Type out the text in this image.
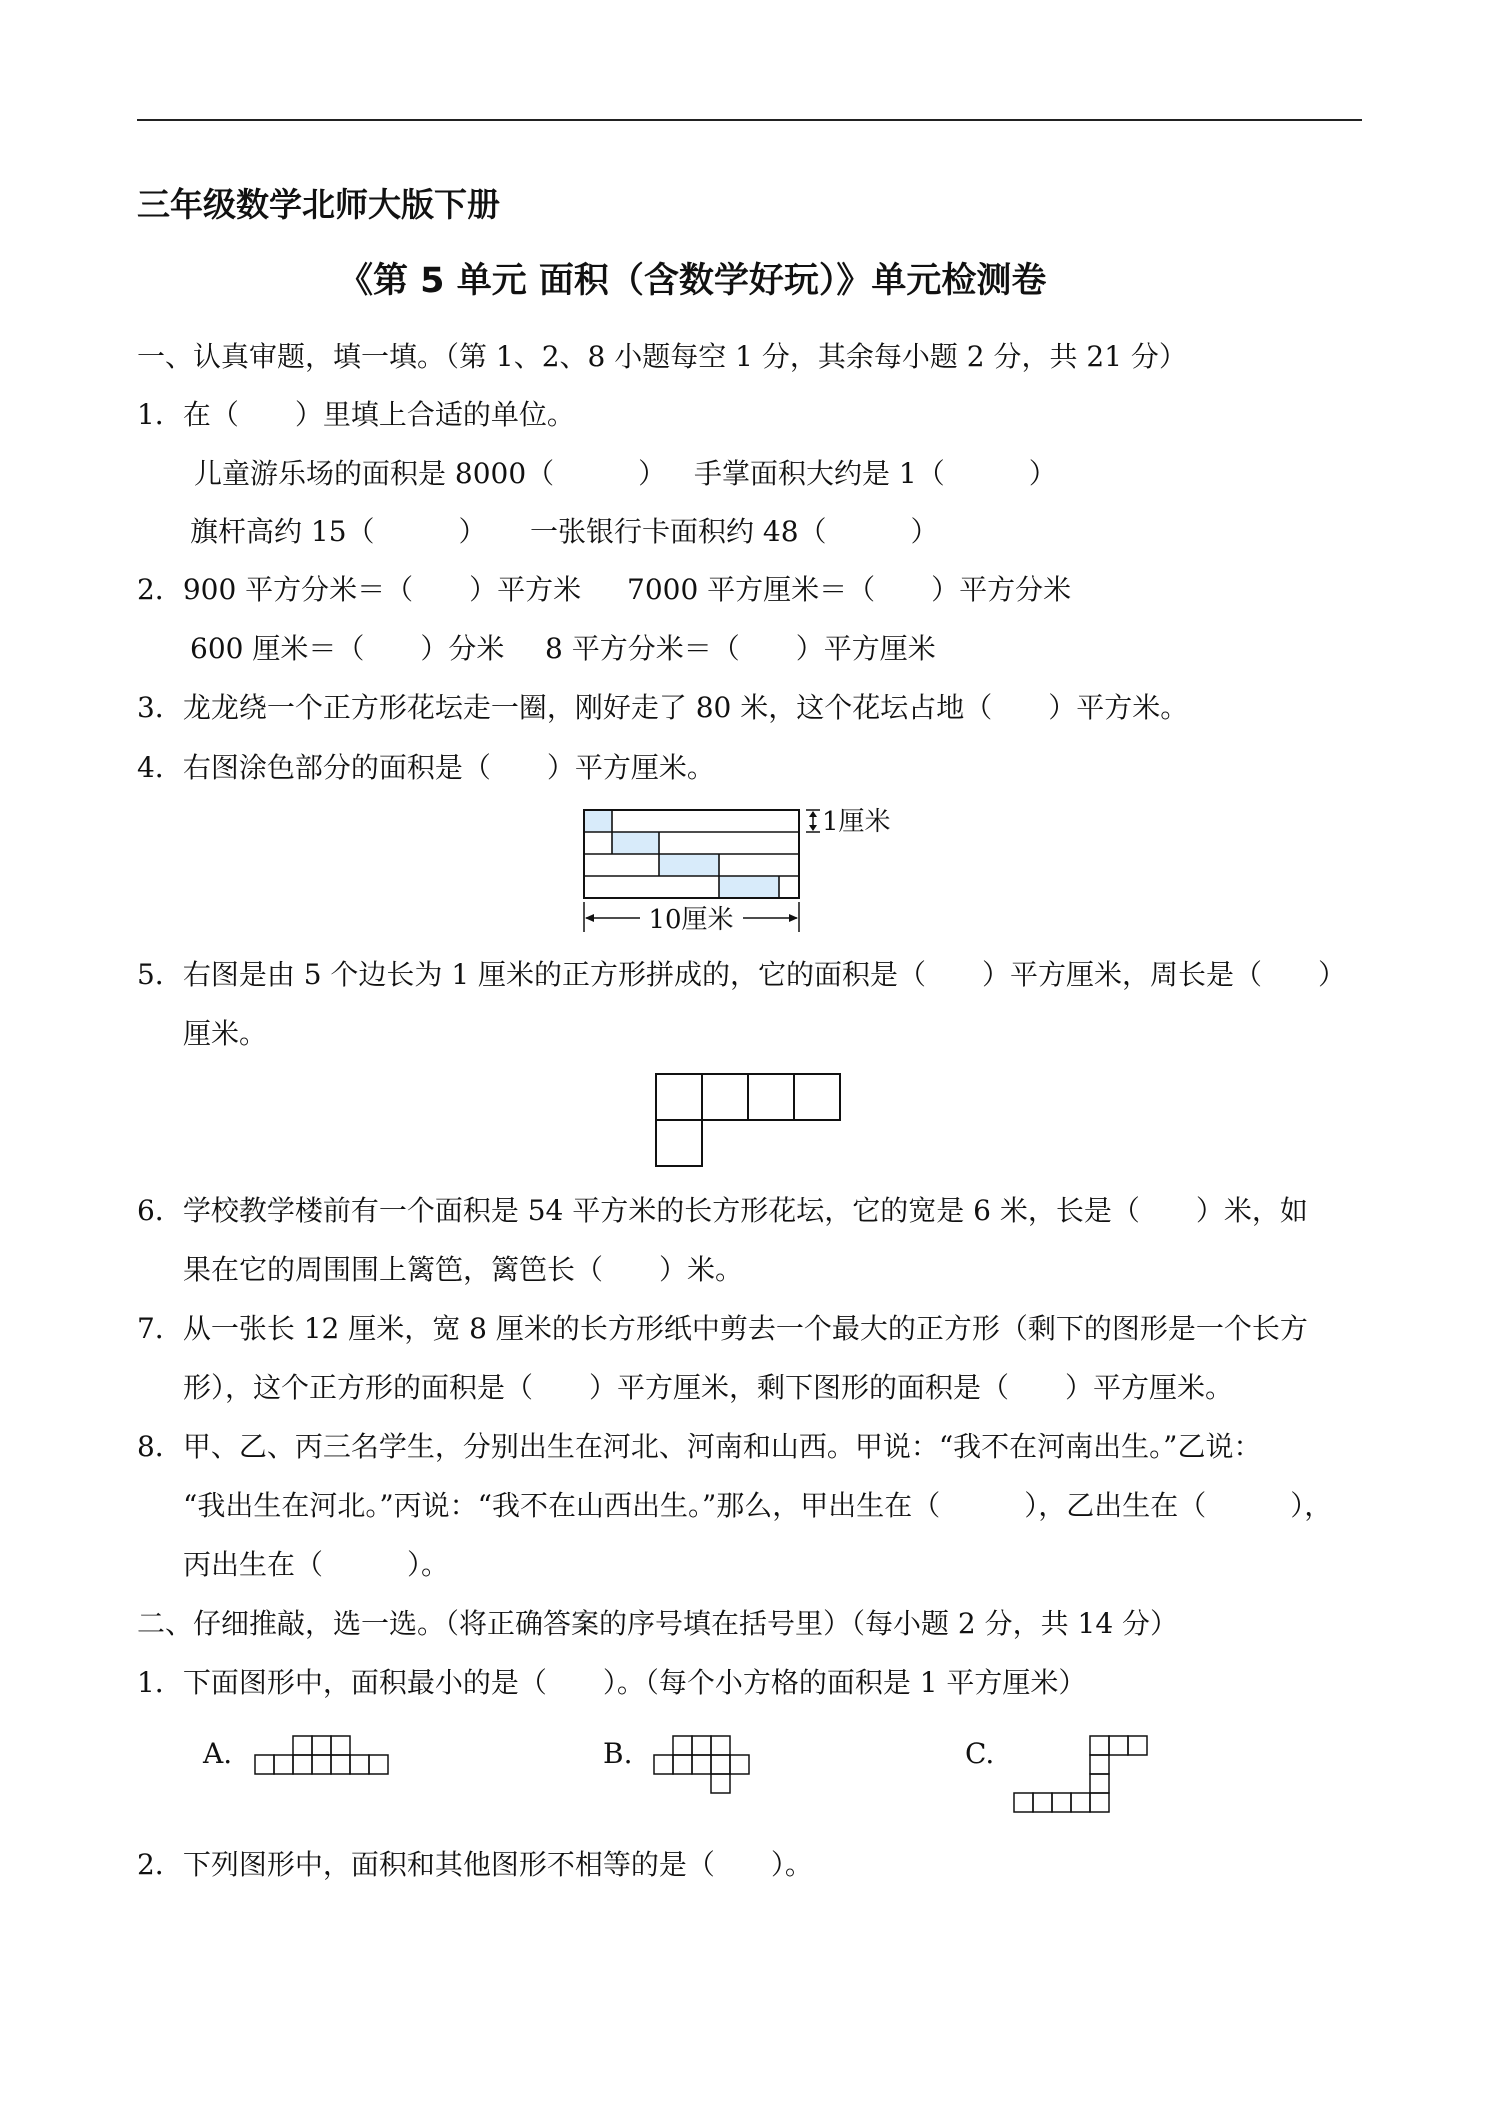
三年级数学北师大版下册
《第 5 单元 面积（含数学好玩）》单元检测卷
一、认真审题，填一填。（第 1、2、8 小题每空 1 分，其余每小题 2 分，共 21 分）
1．在（　　）里填上合适的单位。
儿童游乐场的面积是 8000（　　　） 手掌面积大约是 1（　　　）
旗杆高约 15（　　　） 一张银行卡面积约 48（　　　）
2．900 平方分米＝（　　）平方米 7000 平方厘米＝（　　）平方分米
600 厘米＝（　　）分米 8 平方分米＝（　　）平方厘米
3．龙龙绕一个正方形花坛走一圈，刚好走了 80 米，这个花坛占地（　　）平方米。
4．右图涂色部分的面积是（　　）平方厘米。
1厘米
10厘米
5．右图是由 5 个边长为 1 厘米的正方形拼成的，它的面积是（　　）平方厘米，周长是（　　）
厘米。
6．学校教学楼前有一个面积是 54 平方米的长方形花坛，它的宽是 6 米，长是（　　）米，如
果在它的周围围上篱笆，篱笆长（　　）米。
7．从一张长 12 厘米，宽 8 厘米的长方形纸中剪去一个最大的正方形（剩下的图形是一个长方
形），这个正方形的面积是（　　）平方厘米，剩下图形的面积是（　　）平方厘米。
8．甲、乙、丙三名学生，分别出生在河北、河南和山西。甲说：“我不在河南出生。”乙说：
“我出生在河北。”丙说：“我不在山西出生。”那么，甲出生在（　　　），乙出生在（　　　），
丙出生在（　　　）。
二、仔细推敲，选一选。（将正确答案的序号填在括号里）（每小题 2 分，共 14 分）
1．下面图形中，面积最小的是（　　）。（每个小方格的面积是 1 平方厘米）
A.	B.	C.
2．下列图形中，面积和其他图形不相等的是（　　）。
